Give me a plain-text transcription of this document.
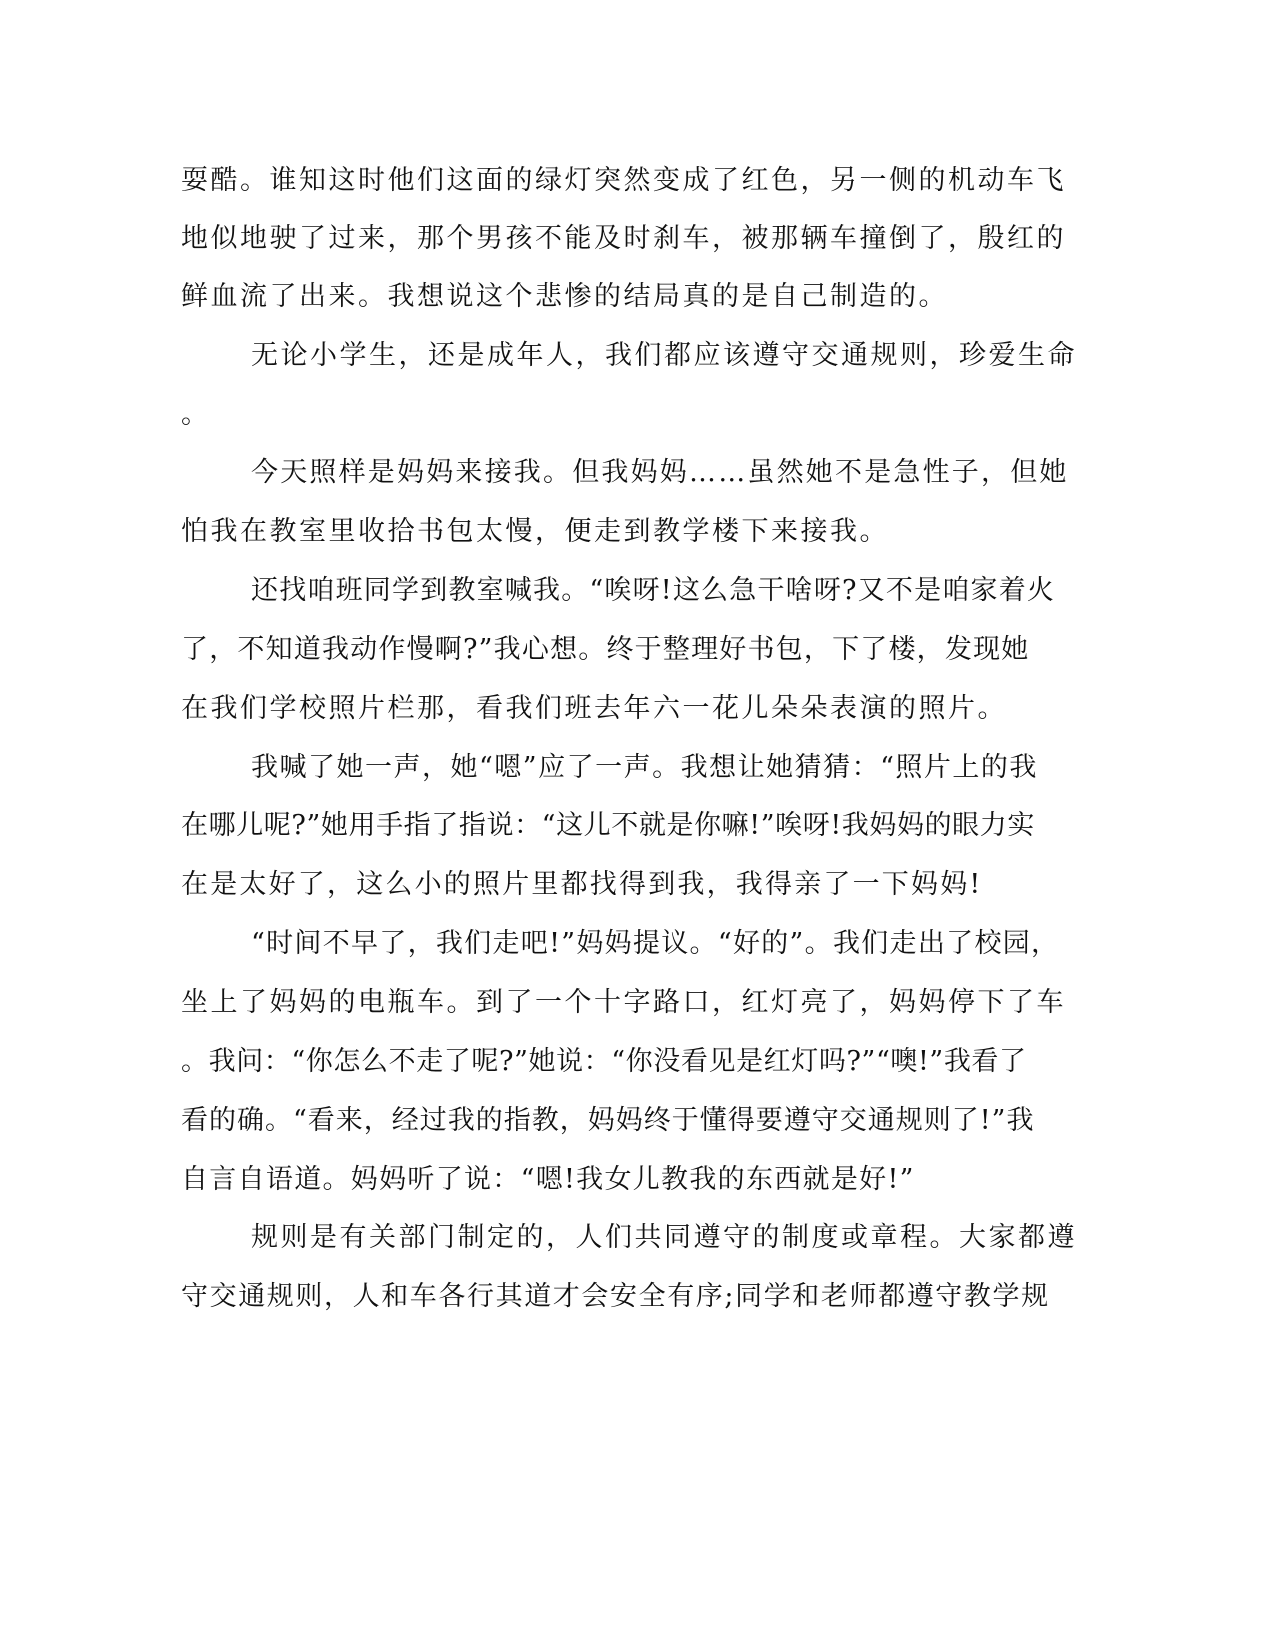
耍酷。谁知这时他们这面的绿灯突然变成了红色，另一侧的机动车飞
地似地驶了过来，那个男孩不能及时刹车，被那辆车撞倒了，殷红的
鲜血流了出来。我想说这个悲惨的结局真的是自己制造的。
无论小学生，还是成年人，我们都应该遵守交通规则，珍爱生命
。
今天照样是妈妈来接我。但我妈妈……虽然她不是急性子，但她
怕我在教室里收拾书包太慢，便走到教学楼下来接我。
还找咱班同学到教室喊我。“唉呀!这么急干啥呀?又不是咱家着火
了，不知道我动作慢啊?”我心想。终于整理好书包，下了楼，发现她
在我们学校照片栏那，看我们班去年六一花儿朵朵表演的照片。
我喊了她一声，她“嗯”应了一声。我想让她猜猜：“照片上的我
在哪儿呢?”她用手指了指说：“这儿不就是你嘛!”唉呀!我妈妈的眼力实
在是太好了，这么小的照片里都找得到我，我得亲了一下妈妈!
“时间不早了，我们走吧!”妈妈提议。“好的”。我们走出了校园，
坐上了妈妈的电瓶车。到了一个十字路口，红灯亮了，妈妈停下了车
。我问：“你怎么不走了呢?”她说：“你没看见是红灯吗?”“噢!”我看了
看的确。“看来，经过我的指教，妈妈终于懂得要遵守交通规则了!”我
自言自语道。妈妈听了说：“嗯!我女儿教我的东西就是好!”
规则是有关部门制定的，人们共同遵守的制度或章程。大家都遵
守交通规则，人和车各行其道才会安全有序;同学和老师都遵守教学规
